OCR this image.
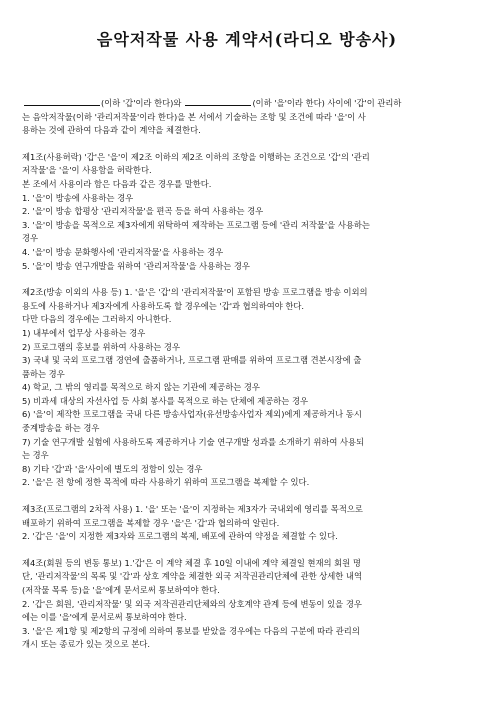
음악저작물 사용 계약서(라디오 방송사)

(이하 '갑'이라 한다)와	(이하 '을'이라 한다) 사이에 '갑'이 관리하

는 음악저작물(이하 '관리저작물'이라 한다)을 본 서에서 기술하는 조항 및 조건에 따라 '을'이 사

용하는 것에 관하여 다음과 같이 계약을 체결한다.

제1조(사용허락) '갑'은 '을'이 제2조 이하의 제2조 이하의 조항을 이행하는 조건으로 '갑'의 '관리

저작물'을 '을'이 사용함을 허락한다.

본 조에서 사용이라 함은 다음과 같은 경우를 말한다.

1. '을'이 방송에 사용하는 경우

2. '을'이 방송 합평상 '관리저작물'을 편곡 등을 하여 사용하는 경우

3. '을'이 방송을 목적으로 제3자에게 위탁하여 제작하는 프로그램 등에 '관리 저작물'을 사용하는

경우

4. '을'이 방송 문화행사에 '관리저작물'을 사용하는 경우

5. '을'이 방송 연구개발을 위하여 '관리저작물'을 사용하는 경우

제2조(방송 이외의 사용 등) 1. '을'은 '갑'의 '관리저작물'이 포함된 방송 프로그램을 방송 이외의

용도에 사용하거나 제3자에게 사용하도록 할 경우에는 '갑'과 협의하여야 한다.

다만 다음의 경우에는 그러하지 아니한다.

1) 내부에서 업무상 사용하는 경우

2) 프로그램의 홍보를 위하여 사용하는 경우

3) 국내 및 국외 프로그램 경연에 출품하거나, 프로그램 판매를 위하여 프로그램 견본시장에 출

품하는 경우

4) 학교, 그 밖의 영리를 목적으로 하지 않는 기관에 제공하는 경우

5) 비과세 대상의 자선사업 등 사회 봉사를 목적으로 하는 단체에 제공하는 경우

6) '을'이 제작한 프로그램을 국내 다른 방송사업자(유선방송사업자 제외)에게 제공하거나 동시

중계방송을 하는 경우

7) 기술 연구개발 실험에 사용하도록 제공하거나 기술 연구개발 성과를 소개하기 위하여 사용되

는 경우

8) 기타 '갑'과 '을'사이에 별도의 정함이 있는 경우

2. '을'은 전 항에 정한 목적에 따라 사용하기 위하여 프로그램을 복제할 수 있다.

제3조(프로그램의 2차적 사용) 1. '을' 또는 '을'이 지정하는 제3자가 국내외에 영리를 목적으로

배포하기 위하여 프로그램을 복제할 경우 '을'은 '갑'과 협의하여 알린다.

2. '갑'은 '을'이 지정한 제3자와 프로그램의 복제, 배포에 관하여 약정을 체결할 수 있다.

제4조(회원 등의 변동 통보) 1.'갑'은 이 계약 체결 후 10일 이내에 계약 체결일 현재의 회원 명

단, '관리저작물'의 목록 및 '갑'과 상호 계약을 체결한 외국 저작권관리단체에 관한 상세한 내역

(저작물 목록 등)을 '을'에게 문서로써 통보하여야 한다.

2. '갑'은 회원, '관리저작물' 및 외국 저작권관리단체와의 상호계약 관계 등에 변동이 있을 경우

에는 이를 '을'에게 문서로써 통보하여야 한다.

3. '을'은 제1항 및 제2항의 규정에 의하여 통보를 받았을 경우에는 다음의 구분에 따라 관리의

개시 또는 종료가 있는 것으로 본다.
